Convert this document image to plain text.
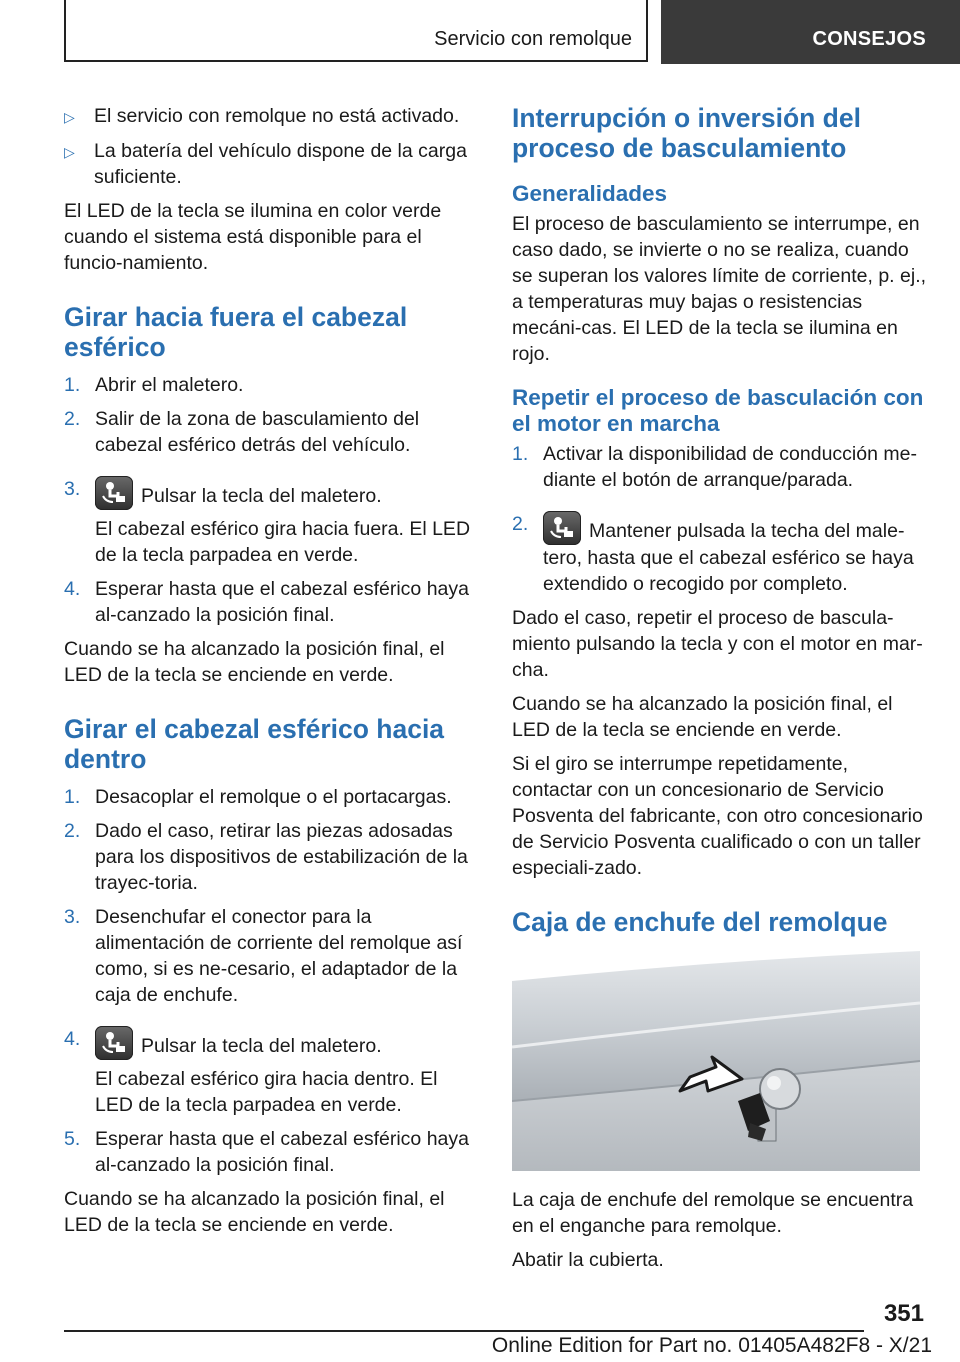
Servicio con remolque	CONSEJOS
▷ El servicio con remolque no está activado.
▷ La batería del vehículo dispone de la carga suficiente.

El LED de la tecla se ilumina en color verde cuando el sistema está disponible para el funcio-namiento.

Girar hacia fuera el cabezal esférico
1. Abrir el maletero.
2. Salir de la zona de basculamiento del cabezal esférico detrás del vehículo.
3.	Pulsar la tecla del maletero.
El cabezal esférico gira hacia fuera. El LED de la tecla parpadea en verde.
4. Esperar hasta que el cabezal esférico haya al-canzado la posición final.

Cuando se ha alcanzado la posición final, el LED de la tecla se enciende en verde.

Girar el cabezal esférico hacia dentro
1. Desacoplar el remolque o el portacargas.
2. Dado el caso, retirar las piezas adosadas para los dispositivos de estabilización de la trayec-toria.
3. Desenchufar el conector para la alimentación de corriente del remolque así como, si es ne-cesario, el adaptador de la caja de enchufe.
4.	Pulsar la tecla del maletero.
El cabezal esférico gira hacia dentro. El LED de la tecla parpadea en verde.
5. Esperar hasta que el cabezal esférico haya al-canzado la posición final.

Cuando se ha alcanzado la posición final, el LED de la tecla se enciende en verde.

Interrupción o inversión del proceso de basculamiento
Generalidades

El proceso de basculamiento se interrumpe, en caso dado, se invierte o no se realiza, cuando se superan los valores límite de corriente, p. ej., a temperaturas muy bajas o resistencias mecáni-cas. El LED de la tecla se ilumina en rojo.

Repetir el proceso de basculación con el motor en marcha
1. Activar la disponibilidad de conducción me-diante el botón de arranque/parada.
2.	Mantener pulsada la techa del male-tero, hasta que el cabezal esférico se haya extendido o recogido por completo.

Dado el caso, repetir el proceso de bascula-miento pulsando la tecla y con el motor en mar-cha.

Cuando se ha alcanzado la posición final, el LED de la tecla se enciende en verde.

Si el giro se interrumpe repetidamente, contactar con un concesionario de Servicio Posventa del fabricante, con otro concesionario de Servicio Posventa cualificado o con un taller especiali-zado.

Caja de enchufe del remolque

La caja de enchufe del remolque se encuentra en el enganche para remolque.

Abatir la cubierta.

351
Online Edition for Part no. 01405A482F8 - X/21
